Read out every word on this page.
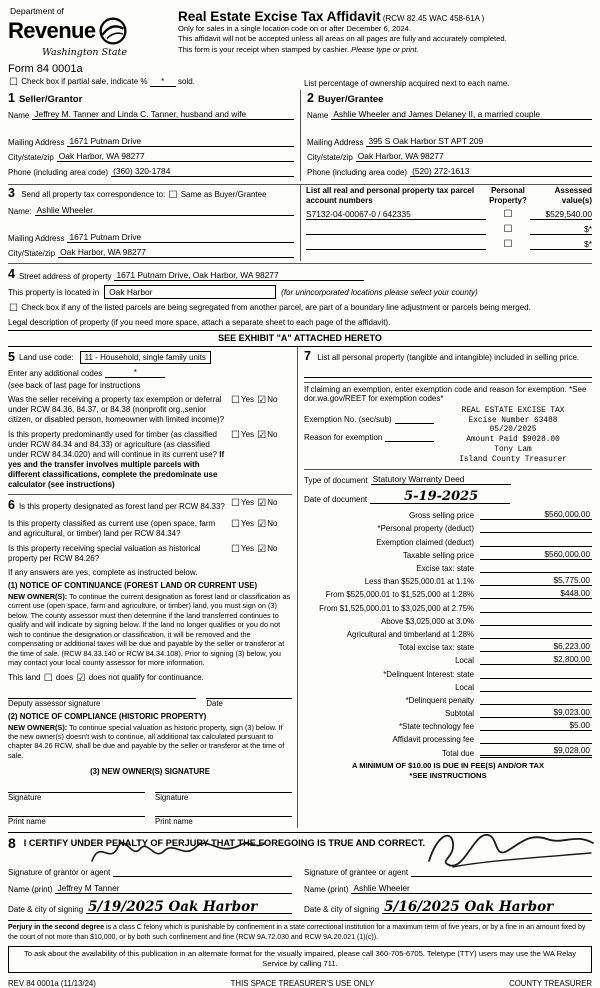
Department of
Revenue
Washington State
Form 84 0001a
Real Estate Excise Tax Affidavit (RCW 82.45 WAC 458-61A )
Only for sales in a single location code on or after December 6, 2024.
This affidavit will not be accepted unless all areas on all pages are fully and accurately completed.
This form is your receipt when stamped by cashier. Please type or print.
☐ Check box if partial sale, indicate % * sold.	List percentage of ownership acquired next to each name.
1 Seller/Grantor
Name Jeffrey M. Tanner and Linda C. Tanner, husband and wife
Mailing Address 1671 Putnam Drive
City/state/zip Oak Harbor, WA 98277
Phone (including area code) (360) 320-1784
2 Buyer/Grantee
Name Ashlie Wheeler and James Delaney II, a married couple
Mailing Address 395 S Oak Harbor ST APT 209
City/state/zip Oak Harbor, WA 98277
Phone (including area code) (520) 272-1613
3 Send all property tax correspondence to: ☐ Same as Buyer/Grantee
Name: Ashlie Wheeler
Mailing Address 1671 Putnam Drive
City/State/zip Oak Harbor, WA 98277
List all real and personal property tax parcel account numbers
Personal Property?
Assessed value(s)
S7132-04-00067-0 / 642335	☐	$529,540.00
☐	$*
☐	$*
4 Street address of property 1671 Putnam Drive, Oak Harbor, WA 98277
This property is located in	Oak Harbor	(for unincorporated locations please select your county)
☐ Check box if any of the listed parcels are being segregated from another parcel, are part of a boundary line adjustment or parcels being merged.
Legal description of property (if you need more space, attach a separate sheet to each page of the affidavit).
SEE EXHIBIT "A" ATTACHED HERETO
5 Land use code:	11 - Household, single family units
Enter any additional codes	*
(see back of last page for instructions
Was the seller receiving a property tax exemption or deferral under RCW 84.36, 84.37, or 84.38 (nonprofit org.,senior citizen, or disabled person, homeowner with limited income)?
☐Yes ☑No
Is this property predominantly used for timber (as classified under RCW 84.34 and 84.33) or agriculture (as classified under RCW 84.34.020) and will continue in its current use? If yes and the transfer involves multiple parcels with different classifications, complete the predominate use calculator (see instructions)
☐Yes ☑No
6 Is this property designated as forest land per RCW 84.33? ☐Yes ☑No
Is this property classified as current use (open space, farm and agricultural, or timber) land per RCW 84.34?
☐Yes ☑No
Is this property receiving special valuation as historical property per RCW 84.26?
☐Yes ☑No
If any answers are yes, complete as instructed below.
(1) NOTICE OF CONTINUANCE (FOREST LAND OR CURRENT USE)
NEW OWNER(S): To continue the current designation as forest land or classification as current use (open space, farm and agriculture, or timber) land, you must sign on (3) below. The county assessor must then determine if the land transferred continues to qualify and will indicate by signing below. If the land no longer qualifies or you do not wish to continue the designation or classification, it will be removed and the compensating or additional taxes will be due and payable by the seller or transferor at the time of sale. (RCW 84.33.140 or RCW 84.34.108). Prior to signing (3) below, you may contact your local county assessor for more information.
This land ☐ does ☑ does not qualify for continuance.
Deputy assessor signature	Date
(2) NOTICE OF COMPLIANCE (HISTORIC PROPERTY)
NEW OWNER(S): To continue special valuation as historic property, sign (3) below. If the new owner(s) doesn't wish to continue, all additional tax calculated pursuant to chapter 84.26 RCW, shall be due and payable by the seller or transferor at the time of sale.
(3) NEW OWNER(S) SIGNATURE
Signature	Signature
Print name	Print name
7 List all personal property (tangible and intangible) included in selling price.
If claiming an exemption, enter exemption code and reason for exemption. *See dor.wa.gov/REET for exemption codes*
Exemption No. (sec/sub)
Reason for exemption
REAL ESTATE EXCISE TAX
Excise Number 63488
05/20/2025
Amount Paid $9028.00
Tony Lam
Island County Treasurer
Type of document Statutory Warranty Deed
Date of document	5-19-2025
Gross selling price	$560,000.00
*Personal property (deduct)
Exemption claimed (deduct)
Taxable selling price	$560,000.00
Excise tax: state
Less than $525,000.01 at 1.1%	$5,775.00
From $525,000.01 to $1,525,000 at 1.28%	$448.00
From $1,525,000.01 to $3,025,000 at 2.75%
Above $3,025,000 at 3.0%
Agricultural and timberland at 1.28%
Total excise tax: state	$6,223.00
Local	$2,800.00
*Delinquent Interest: state
Local
*Delinquent penalty
Subtotal	$9,023.00
*State technology fee	$5.00
Affidavit processing fee
Total due	$9,028.00
A MINIMUM OF $10.00 IS DUE IN FEE(S) AND/OR TAX
*SEE INSTRUCTIONS
8 I CERTIFY UNDER PENALTY OF PERJURY THAT THE FOREGOING IS TRUE AND CORRECT.
Signature of grantor or agent	Signature of grantee or agent
Name (print) Jeffrey M Tanner	Name (print) Ashlie Wheeler
Date & city of signing 5/19/2025 Oak Harbor	Date & city of signing 5/16/2025 Oak Harbor
Perjury in the second degree is a class C felony which is punishable by confinement in a state correctional institution for a maximum term of five years, or by a fine in an amount fixed by the court of not more than $10,000, or by both such confinement and fine (RCW 9A.72.030 and RCW 9A.20.021 (1)(c)).
To ask about the availability of this publication in an alternate format for the visually impaired, please call 360-705-6705. Teletype (TTY) users may use the WA Relay Service by calling 711.
REV 84 0001a (11/13/24)	THIS SPACE TREASURER'S USE ONLY	COUNTY TREASURER
